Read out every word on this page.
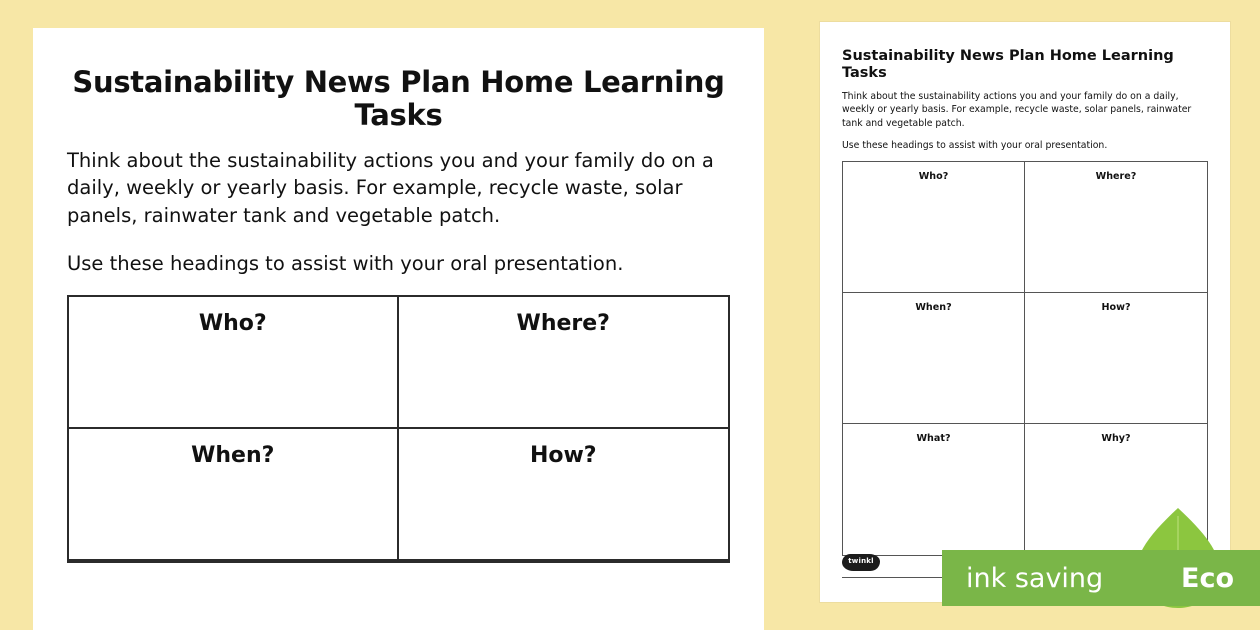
Sustainability News Plan Home Learning Tasks
Think about the sustainability actions you and your family do on a daily, weekly or yearly basis. For example, recycle waste, solar panels, rainwater tank and vegetable patch.
Use these headings to assist with your oral presentation.
Who?	Where?
When?	How?
Sustainability News Plan Home Learning Tasks
Think about the sustainability actions you and your family do on a daily, weekly or yearly basis. For example, recycle waste, solar panels, rainwater tank and vegetable patch.
Use these headings to assist with your oral presentation.
Who?	Where?
When?	How?
What?	Why?
twinkl
ink saving	Eco
